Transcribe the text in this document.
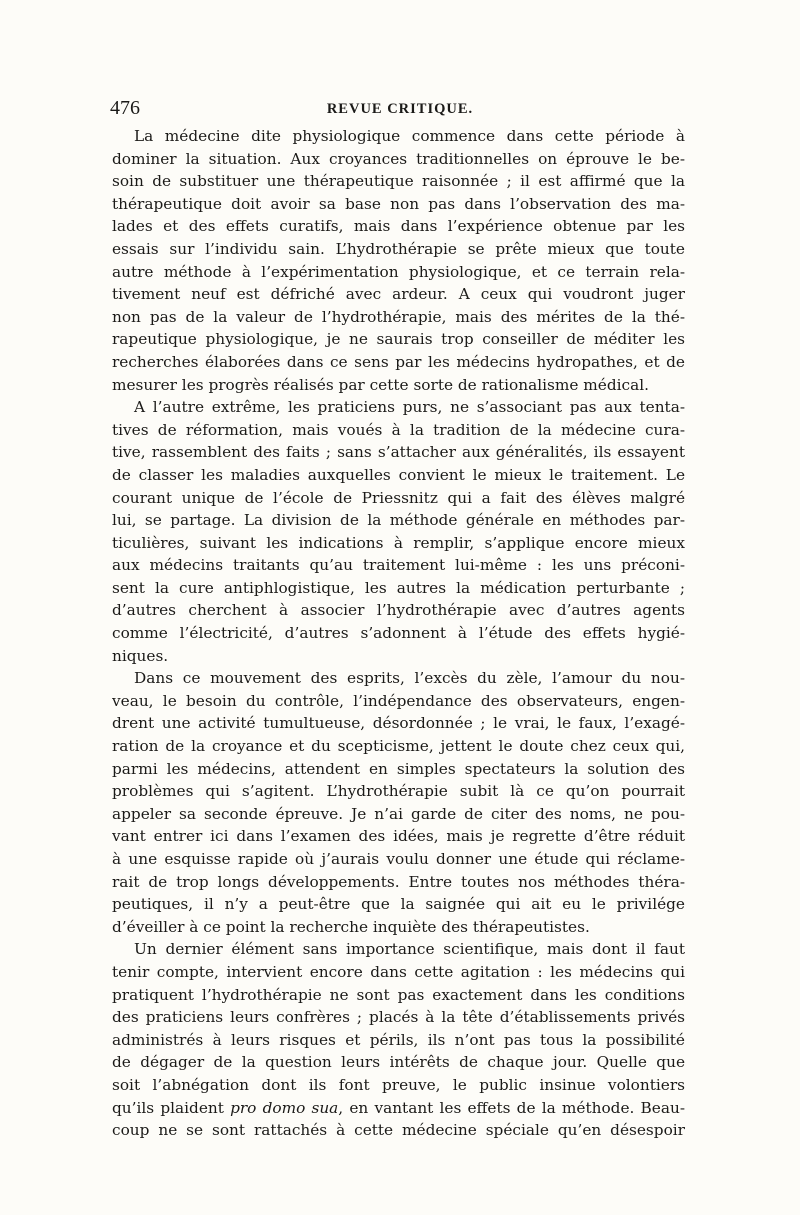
476	REVUE CRITIQUE.
La médecine dite physiologique commence dans cette période à
dominer la situation. Aux croyances traditionnelles on éprouve le be-
soin de substituer une thérapeutique raisonnée ; il est affirmé que la
thérapeutique doit avoir sa base non pas dans l’observation des ma-
lades et des effets curatifs, mais dans l’expérience obtenue par les
essais sur l’individu sain. L’hydrothérapie se prête mieux que toute
autre méthode à l’expérimentation physiologique, et ce terrain rela-
tivement neuf est défriché avec ardeur. A ceux qui voudront juger
non pas de la valeur de l’hydrothérapie, mais des mérites de la thé-
rapeutique physiologique, je ne saurais trop conseiller de méditer les
recherches élaborées dans ce sens par les médecins hydropathes, et de
mesurer les progrès réalisés par cette sorte de rationalisme médical.
A l’autre extrême, les praticiens purs, ne s’associant pas aux tenta-
tives de réformation, mais voués à la tradition de la médecine cura-
tive, rassemblent des faits ; sans s’attacher aux généralités, ils essayent
de classer les maladies auxquelles convient le mieux le traitement. Le
courant unique de l’école de Priessnitz qui a fait des élèves malgré
lui, se partage. La division de la méthode générale en méthodes par-
ticulières, suivant les indications à remplir, s’applique encore mieux
aux médecins traitants qu’au traitement lui-même : les uns préconi-
sent la cure antiphlogistique, les autres la médication perturbante ;
d’autres cherchent à associer l’hydrothérapie avec d’autres agents
comme l’électricité, d’autres s’adonnent à l’étude des effets hygié-
niques.
Dans ce mouvement des esprits, l’excès du zèle, l’amour du nou-
veau, le besoin du contrôle, l’indépendance des observateurs, engen-
drent une activité tumultueuse, désordonnée ; le vrai, le faux, l’exagé-
ration de la croyance et du scepticisme, jettent le doute chez ceux qui,
parmi les médecins, attendent en simples spectateurs la solution des
problèmes qui s’agitent. L’hydrothérapie subit là ce qu’on pourrait
appeler sa seconde épreuve. Je n’ai garde de citer des noms, ne pou-
vant entrer ici dans l’examen des idées, mais je regrette d’être réduit
à une esquisse rapide où j’aurais voulu donner une étude qui réclame-
rait de trop longs développements. Entre toutes nos méthodes théra-
peutiques, il n’y a peut-être que la saignée qui ait eu le privilége
d’éveiller à ce point la recherche inquiète des thérapeutistes.
Un dernier élément sans importance scientifique, mais dont il faut
tenir compte, intervient encore dans cette agitation : les médecins qui
pratiquent l’hydrothérapie ne sont pas exactement dans les conditions
des praticiens leurs confrères ; placés à la tête d’établissements privés
administrés à leurs risques et périls, ils n’ont pas tous la possibilité
de dégager de la question leurs intérêts de chaque jour. Quelle que
soit l’abnégation dont ils font preuve, le public insinue volontiers
qu’ils plaident pro domo sua, en vantant les effets de la méthode. Beau-
coup ne se sont rattachés à cette médecine spéciale qu’en désespoir
